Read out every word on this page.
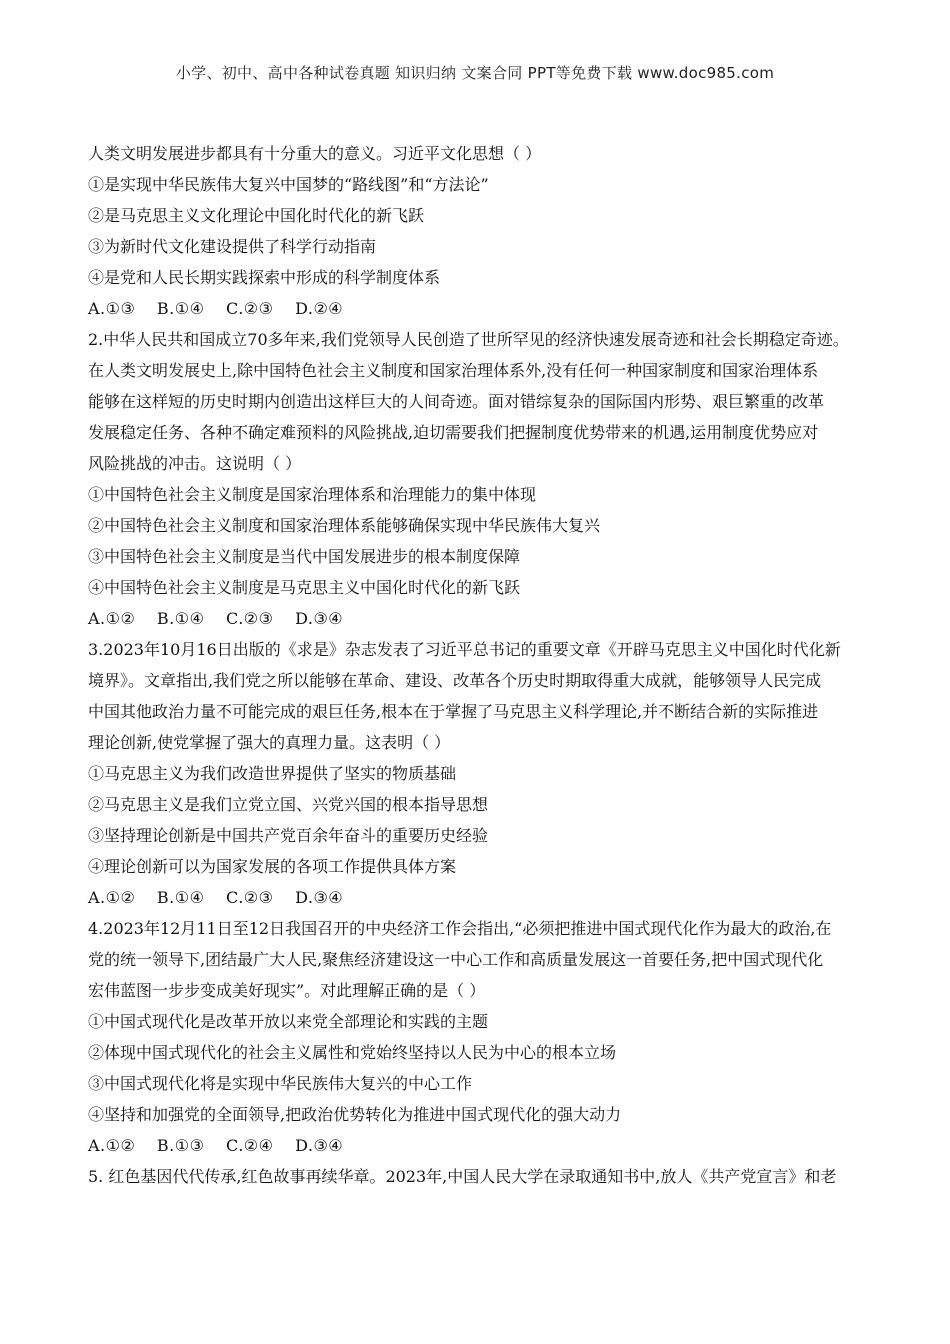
小学、初中、高中各种试卷真题 知识归纳 文案合同 PPT等免费下载 www.doc985.com
人类文明发展进步都具有十分重大的意义。习近平文化思想（ ）
①是实现中华民族伟大复兴中国梦的“路线图”和“方法论”
②是马克思主义文化理论中国化时代化的新飞跃
③为新时代文化建设提供了科学行动指南
④是党和人民长期实践探索中形成的科学制度体系
A.①③ B.①④ C.②③ D.②④
2.中华人民共和国成立70多年来,我们党领导人民创造了世所罕见的经济快速发展奇迹和社会长期稳定奇迹。
在人类文明发展史上,除中国特色社会主义制度和国家治理体系外,没有任何一种国家制度和国家治理体系
能够在这样短的历史时期内创造出这样巨大的人间奇迹。面对错综复杂的国际国内形势、艰巨繁重的改革
发展稳定任务、各种不确定难预料的风险挑战,迫切需要我们把握制度优势带来的机遇,运用制度优势应对
风险挑战的冲击。这说明（ ）
①中国特色社会主义制度是国家治理体系和治理能力的集中体现
②中国特色社会主义制度和国家治理体系能够确保实现中华民族伟大复兴
③中国特色社会主义制度是当代中国发展进步的根本制度保障
④中国特色社会主义制度是马克思主义中国化时代化的新飞跃
A.①② B.①④ C.②③ D.③④
3.2023年10月16日出版的《求是》杂志发表了习近平总书记的重要文章《开辟马克思主义中国化时代化新
境界》。文章指出,我们党之所以能够在革命、建设、改革各个历史时期取得重大成就，能够领导人民完成
中国其他政治力量不可能完成的艰巨任务,根本在于掌握了马克思主义科学理论,并不断结合新的实际推进
理论创新,使党掌握了强大的真理力量。这表明（ ）
①马克思主义为我们改造世界提供了坚实的物质基础
②马克思主义是我们立党立国、兴党兴国的根本指导思想
③坚持理论创新是中国共产党百余年奋斗的重要历史经验
④理论创新可以为国家发展的各项工作提供具体方案
A.①② B.①④ C.②③ D.③④
4.2023年12月11日至12日我国召开的中央经济工作会指出,“必须把推进中国式现代化作为最大的政治,在
党的统一领导下,团结最广大人民,聚焦经济建设这一中心工作和高质量发展这一首要任务,把中国式现代化
宏伟蓝图一步步变成美好现实”。对此理解正确的是（ ）
①中国式现代化是改革开放以来党全部理论和实践的主题
②体现中国式现代化的社会主义属性和党始终坚持以人民为中心的根本立场
③中国式现代化将是实现中华民族伟大复兴的中心工作
④坚持和加强党的全面领导,把政治优势转化为推进中国式现代化的强大动力
A.①② B.①③ C.②④ D.③④
5. 红色基因代代传承,红色故事再续华章。2023年,中国人民大学在录取通知书中,放人《共产党宣言》和老
